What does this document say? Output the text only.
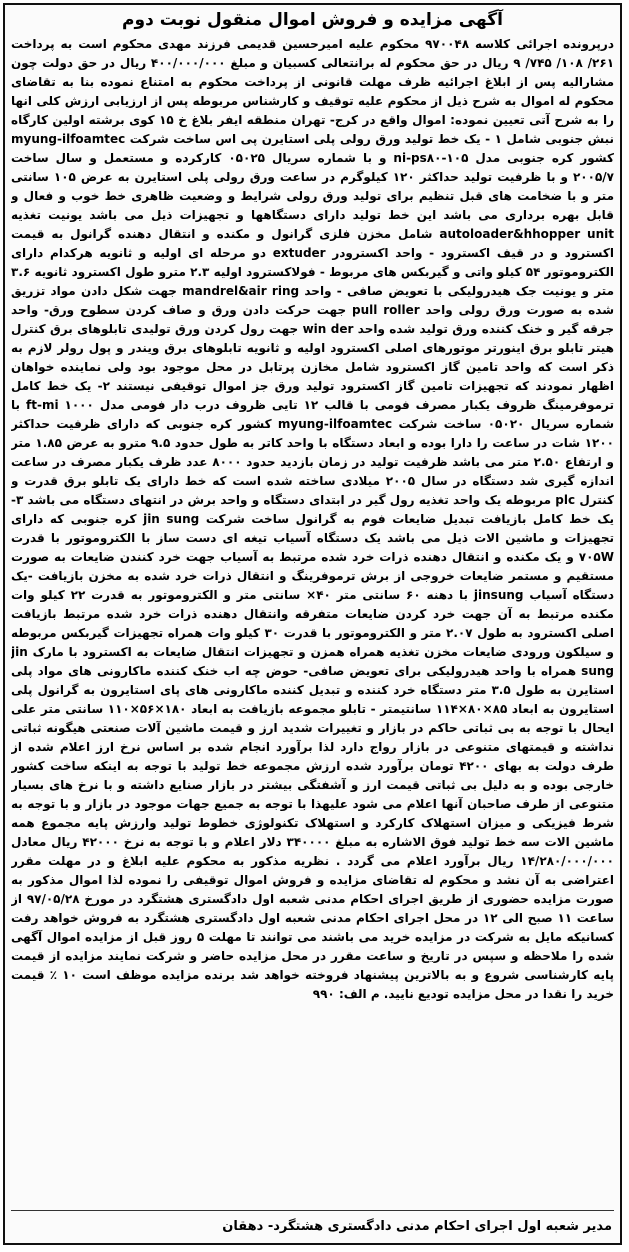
آگهی مزایده و فروش اموال منقول نوبت دوم

درپرونده اجرائی کلاسه ۹۷۰۰۴۸ محکوم علیه امیرحسین قدیمی فرزند مهدی محکوم است به پرداخت ۲۶۱/ ۱۰۸/ ۷۴۵/ ۹ ریال در حق محکوم له برانتعالی کسبیان و مبلغ ۴۰۰/۰۰۰/۰۰۰ ریال در حق دولت چون مشارالیه پس از ابلاغ اجرائیه ظرف مهلت قانونی از پرداخت محکوم به امتناع نموده بنا به تقاضای محکوم له اموال به شرح ذیل از محکوم علیه توقیف و کارشناس مربوطه پس از ارزیابی ارزش کلی انها را به شرح آتی تعیین نموده: اموال واقع در کرج- تهران منطقه ایفر بلاغ خ ۱۵ کوی برشته اولین کارگاه نبش جنوبی شامل ۱ - یک خط تولید ورق رولی پلی استایرن پی اس ساخت شرکت myung-ilfoamtec کشور کره جنوبی مدل ni-ps۸۰-۱۰۵ و با شماره سریال ۰۵۰۲۵ کارکرده و مستعمل و سال ساخت ۲۰۰۵/۷ و با ظرفیت تولید حداکثر ۱۲۰ کیلوگرم در ساعت ورق رولی پلی استایرن به عرض ۱۰۵ سانتی متر و با ضخامت های قبل تنظیم برای تولید ورق رولی شرایط و وضعیت ظاهری خط خوب و فعال و قابل بهره برداری می باشد این خط تولید دارای دستگاهها و تجهیزات ذیل می باشد یونیت تغذیه autoloader&hhopper unit شامل مخزن فلزی گرانول و مکنده و انتقال دهنده گرانول به قیمت اکسترود و در قیف اکسترود - واحد اکسترودر extuder دو مرحله ای اولیه و ثانویه هرکدام دارای الکتروموتور ۵۴ کیلو واتی و گیربکس های مربوط - فولاکسترود اولیه ۲.۳ مترو طول اکسترود ثانویه ۳.۶ متر و یونیت جک هیدرولیکی با تعویض صافی - واحد mandrel&air ring جهت شکل دادن مواد تزریق شده به صورت ورق رولی واحد pull roller جهت حرکت دادن ورق و صاف کردن سطوح ورق- واحد جرقه گیر و خنک کننده ورق تولید شده واحد win der جهت رول کردن ورق تولیدی تابلوهای برق کنترل هیتر تابلو برق اینورتر موتورهای اصلی اکسترود اولیه و ثانویه تابلوهای برق ویندر و پول رولر لازم به ذکر است که واحد تامین گاز اکسترود شامل مخازن پرتابل در محل موجود بود ولی نماینده خواهان اظهار نمودند که تجهیزات تامین گاز اکسترود تولید ورق جز اموال توقیفی نیستند ۲- یک خط کامل ترموفرمینگ ظروف یکبار مصرف فومی با قالب ۱۲ تایی ظروف درب دار فومی مدل ft-mi ۱۰۰۰ با شماره سریال ۰۵۰۲۰ ساخت شرکت myung-ilfoamtec کشور کره جنوبی که دارای ظرفیت حداکثر ۱۲۰۰ شات در ساعت را دارا بوده و ابعاد دستگاه با واحد کاتر به طول حدود ۹.۵ مترو به عرض ۱.۸۵ متر و ارتفاع ۲.۵۰ متر می باشد ظرفیت تولید در زمان بازدید حدود ۸۰۰۰ عدد ظرف یکبار مصرف در ساعت اندازه گیری شد دستگاه در سال ۲۰۰۵ میلادی ساخته شده است که خط دارای یک تابلو برق قدرت و کنترل plc مربوطه یک واحد تغذیه رول گیر در ابتدای دستگاه و واحد برش در انتهای دستگاه می باشد ۳- یک خط کامل بازیافت تبدیل ضایعات فوم به گرانول ساخت شرکت jin sung کره جنوبی که دارای تجهیزات و ماشین الات ذیل می باشد یک دستگاه آسیاب تیغه ای دست ساز با الکتروموتور با قدرت ۷۰۵W و یک مکنده و انتقال دهنده ذرات خرد شده مرتبط به آسیاب جهت خرد کنندن ضایعات به صورت مستقیم و مستمر ضایعات خروجی از برش ترموفرینگ و انتقال ذرات خرد شده به مخزن بازیافت -یک دستگاه آسیاب jinsung با دهنه ۶۰ سانتی متر ۴۰× سانتی متر و الکتروموتور به قدرت ۲۲ کیلو وات مکنده مرتبط به آن جهت خرد کردن ضایعات متفرقه وانتقال دهنده ذرات خرد شده مرتبط بازیافت اصلی اکسترود به طول ۲.۰۷ متر و الکتروموتور با قدرت ۳۰ کیلو وات همراه تجهیزات گیربکس مربوطه و سیلکون ورودی ضایعات مخزن تغذیه همراه همزن و تجهیزات انتقال ضایعات به اکسترود با مارک jin sung همراه با واحد هیدرولیکی برای تعویض صافی- حوض چه اب خنک کننده ماکارونی های مواد پلی استایرن به طول ۳.۵ متر دستگاه خرد کننده و تبدیل کننده ماکارونی های پای استایرون به گرانول پلی استایرون به ابعاد ۸۵×۸۰×۱۱۴ سانتیمتر - تابلو مجموعه بازیافت به ابعاد ۱۸۰×۵۶×۱۱۰ سانتی متر علی ایحال با توجه به بی ثباتی حاکم در بازار و تغییرات شدید ارز و قیمت ماشین آلات صنعتی هیگونه ثباتی نداشته و قیمتهای متنوعی در بازار رواج دارد لذا برآورد انجام شده بر اساس نرخ ارز اعلام شده از طرف دولت به بهای ۴۲۰۰ تومان برآورد شده ارزش مجموعه خط تولید با توجه به اینکه ساخت کشور خارجی بوده و به دلیل بی ثباتی قیمت ارز و آشفتگی بیشتر در بازار صنایع داشته و با نرخ های بسیار متنوعی از طرف صاحبان آنها اعلام می شود علیهذا با توجه به جمیع جهات موجود در بازار و با توجه به شرط فیزیکی و میزان استهلاک کارکرد و استهلاک تکنولوژی خطوط تولید وارزش پایه مجموع همه ماشین الات سه خط تولید فوق الاشاره به مبلغ ۳۴۰۰۰۰ دلار اعلام و با توجه به نرخ ۴۲۰۰۰ ریال معادل ۱۴/۲۸۰/۰۰۰/۰۰۰ ریال برآورد اعلام می گردد . نظریه مذکور به محکوم علیه ابلاغ و در مهلت مقرر اعتراضی به آن نشد و محکوم له تقاضای مزایده و فروش اموال توقیفی را نموده لذا اموال مذکور به صورت مزایده حضوری از طریق اجرای احکام مدنی شعبه اول دادگستری هشتگرد در مورخ ۹۷/۰۵/۲۸ از ساعت ۱۱ صبح الی ۱۲ در محل اجرای احکام مدنی شعبه اول دادگستری هشتگرد به فروش خواهد رفت کسانیکه مایل به شرکت در مزایده خرید می باشند می توانند تا مهلت ۵ روز قبل از مزایده اموال آگهی شده را ملاحظه و سپس در تاریخ و ساعت مقرر در محل مزایده حاضر و شرکت نمایند مزایده از قیمت پایه کارشناسی شروع و به بالاترین پیشنهاد فروخته خواهد شد برنده مزایده موظف است ۱۰ ٪ قیمت خرید را نقدا در محل مزایده تودیع نایید. م الف: ۹۹۰

مدیر شعبه اول اجرای احکام مدنی دادگستری هشتگرد- دهقان
